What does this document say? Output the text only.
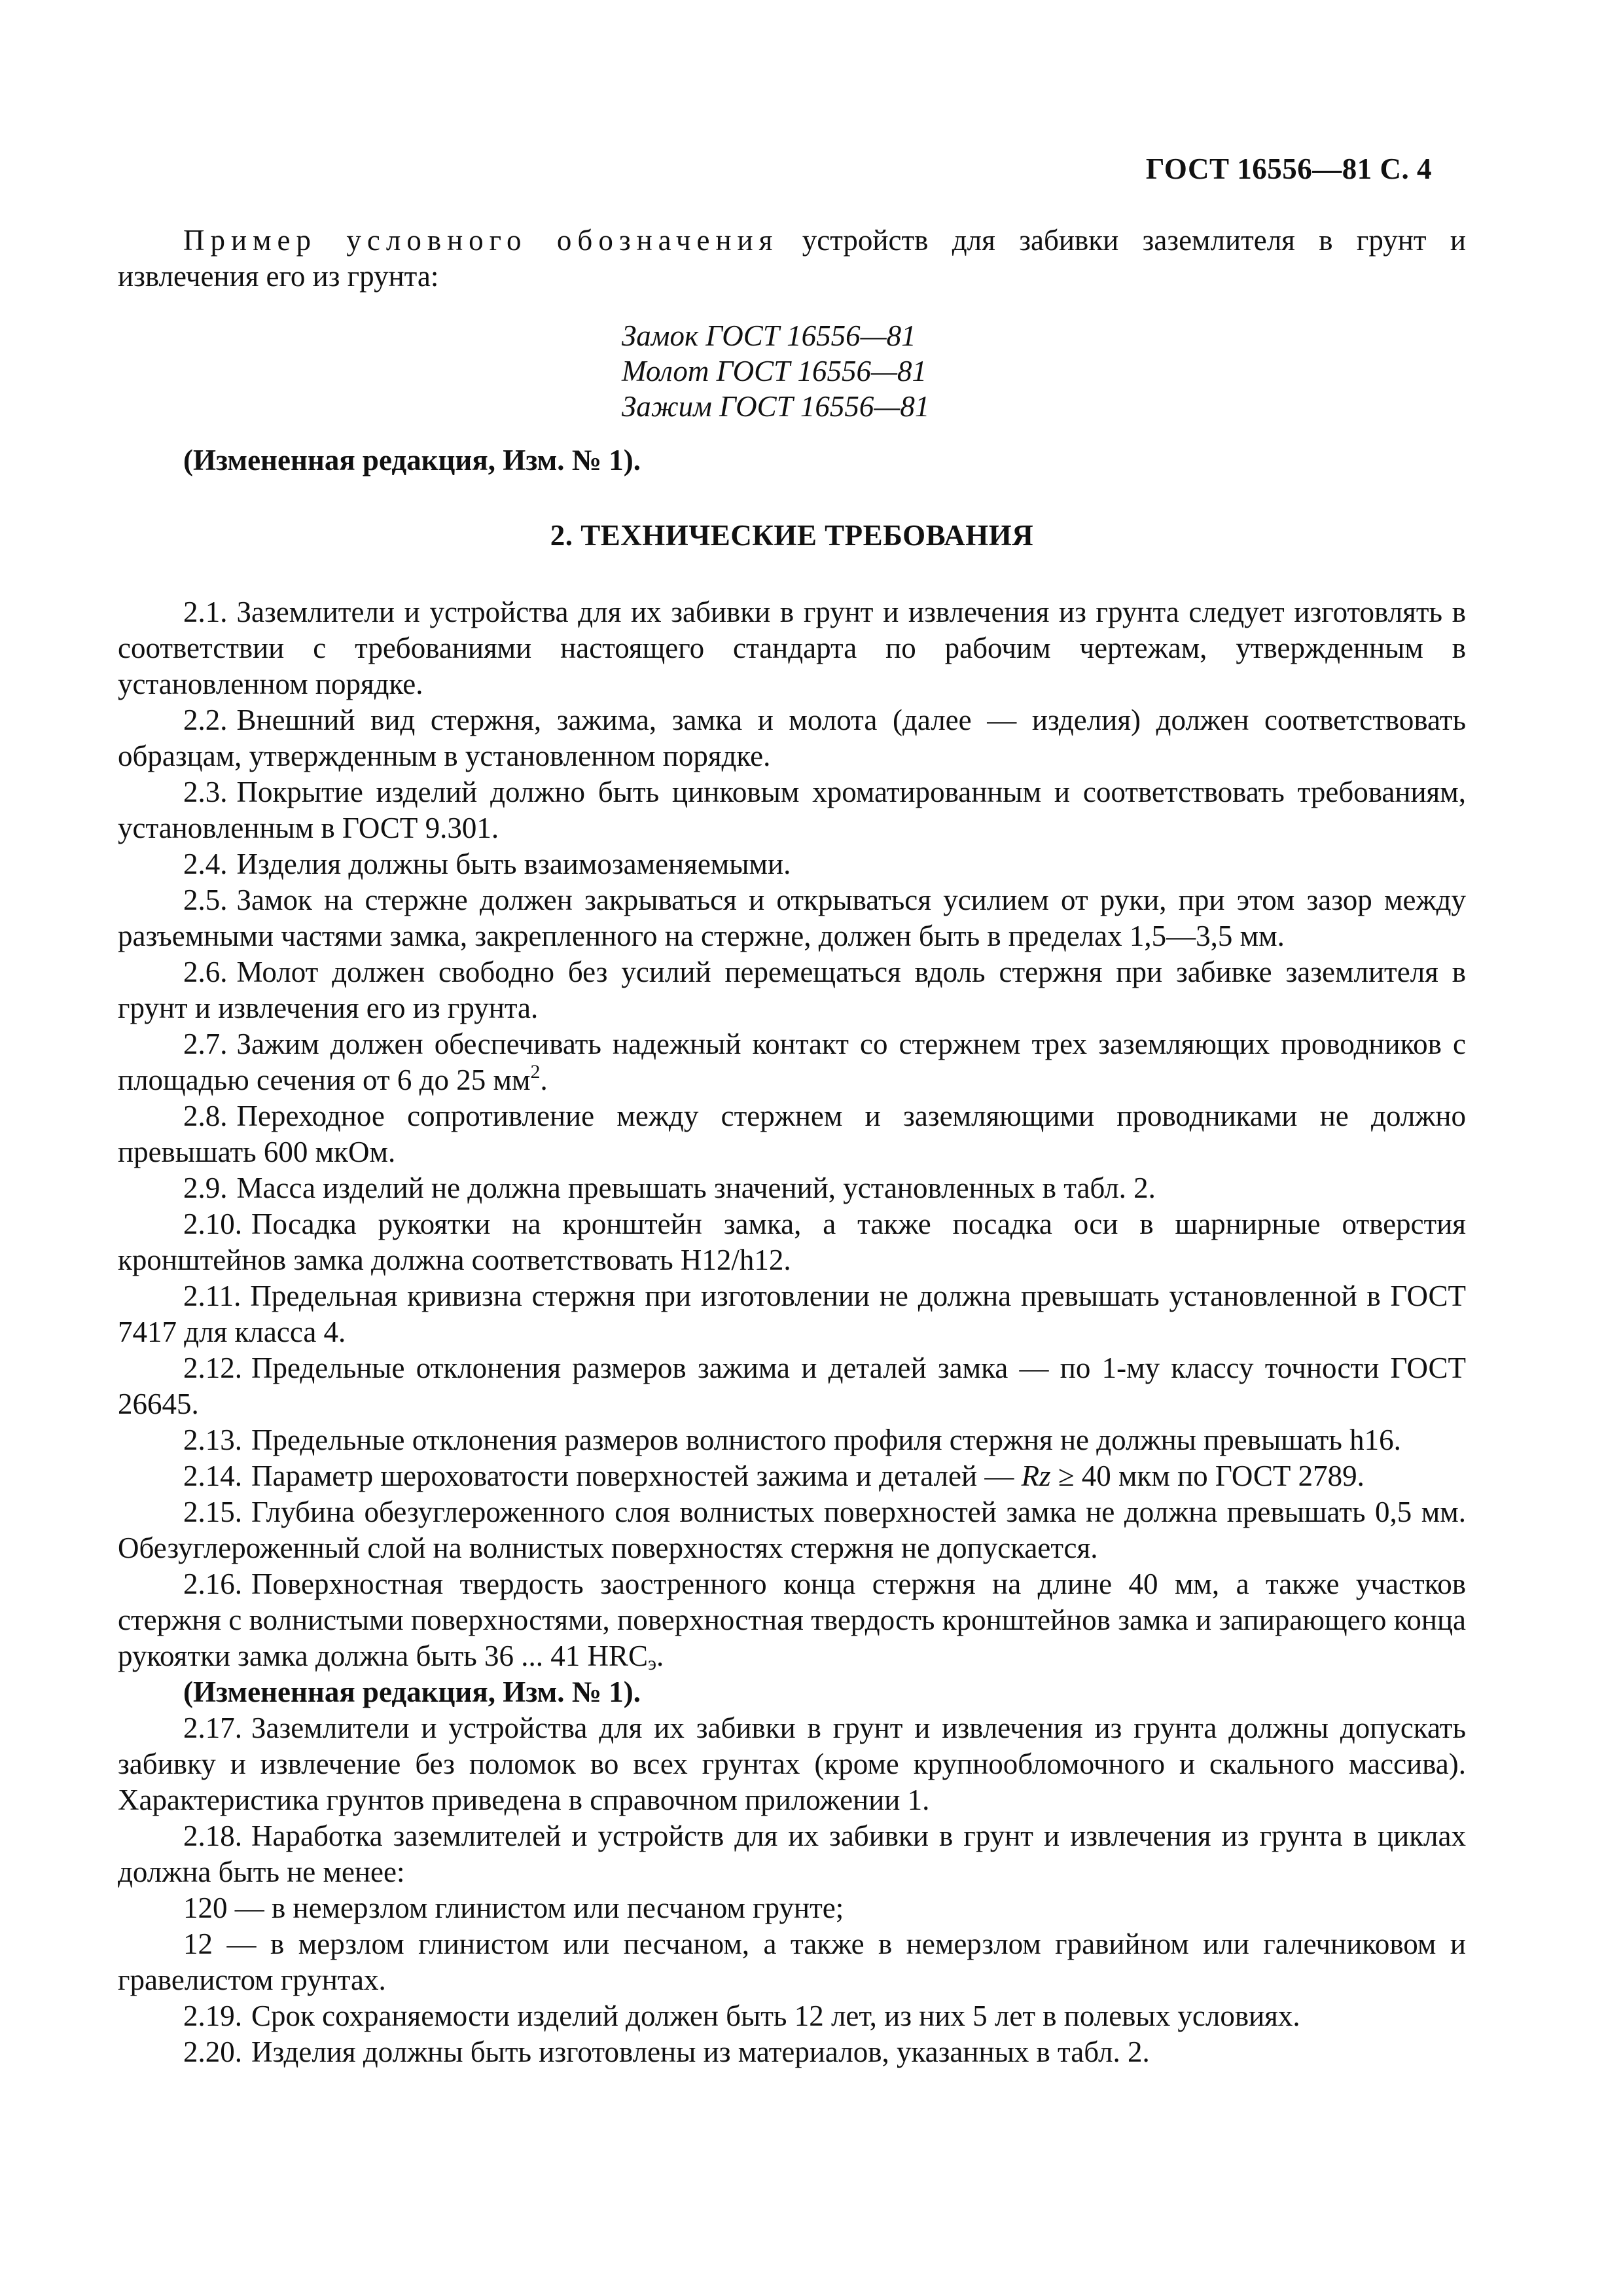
ГОСТ 16556—81 С. 4

Пример условного обозначения устройств для забивки заземлителя в грунт и извлечения его из грунта:

Замок ГОСТ 16556—81
Молот ГОСТ 16556—81
Зажим ГОСТ 16556—81

(Измененная редакция, Изм. № 1).

2. ТЕХНИЧЕСКИЕ ТРЕБОВАНИЯ

2.1. Заземлители и устройства для их забивки в грунт и извлечения из грунта следует изготовлять в соответствии с требованиями настоящего стандарта по рабочим чертежам, утвержденным в установленном порядке.

2.2. Внешний вид стержня, зажима, замка и молота (далее — изделия) должен соответствовать образцам, утвержденным в установленном порядке.

2.3. Покрытие изделий должно быть цинковым хроматированным и соответствовать требованиям, установленным в ГОСТ 9.301.

2.4. Изделия должны быть взаимозаменяемыми.

2.5. Замок на стержне должен закрываться и открываться усилием от руки, при этом зазор между разъемными частями замка, закрепленного на стержне, должен быть в пределах 1,5—3,5 мм.

2.6. Молот должен свободно без усилий перемещаться вдоль стержня при забивке заземлителя в грунт и извлечения его из грунта.

2.7. Зажим должен обеспечивать надежный контакт со стержнем трех заземляющих проводников с площадью сечения от 6 до 25 $мм^2$.

2.8. Переходное сопротивление между стержнем и заземляющими проводниками не должно превышать 600 мкОм.

2.9. Масса изделий не должна превышать значений, установленных в табл. 2.

2.10. Посадка рукоятки на кронштейн замка, а также посадка оси в шарнирные отверстия кронштейнов замка должна соответствовать H12/h12.

2.11. Предельная кривизна стержня при изготовлении не должна превышать установленной в ГОСТ 7417 для класса 4.

2.12. Предельные отклонения размеров зажима и деталей замка — по 1-му классу точности ГОСТ 26645.

2.13. Предельные отклонения размеров волнистого профиля стержня не должны превышать h16.

2.14. Параметр шероховатости поверхностей зажима и деталей — Rz ≥ 40 мкм по ГОСТ 2789.

2.15. Глубина обезуглероженного слоя волнистых поверхностей замка не должна превышать 0,5 мм. Обезуглероженный слой на волнистых поверхностях стержня не допускается.

2.16. Поверхностная твердость заостренного конца стержня на длине 40 мм, а также участков стержня с волнистыми поверхностями, поверхностная твердость кронштейнов замка и запирающего конца рукоятки замка должна быть 36 ... 41 $HRC_э$.

(Измененная редакция, Изм. № 1).

2.17. Заземлители и устройства для их забивки в грунт и извлечения из грунта должны допускать забивку и извлечение без поломок во всех грунтах (кроме крупнообломочного и скального массива). Характеристика грунтов приведена в справочном приложении 1.

2.18. Наработка заземлителей и устройств для их забивки в грунт и извлечения из грунта в циклах должна быть не менее:

120 — в немерзлом глинистом или песчаном грунте;

12 — в мерзлом глинистом или песчаном, а также в немерзлом гравийном или галечниковом и гравелистом грунтах.

2.19. Срок сохраняемости изделий должен быть 12 лет, из них 5 лет в полевых условиях.

2.20. Изделия должны быть изготовлены из материалов, указанных в табл. 2.
